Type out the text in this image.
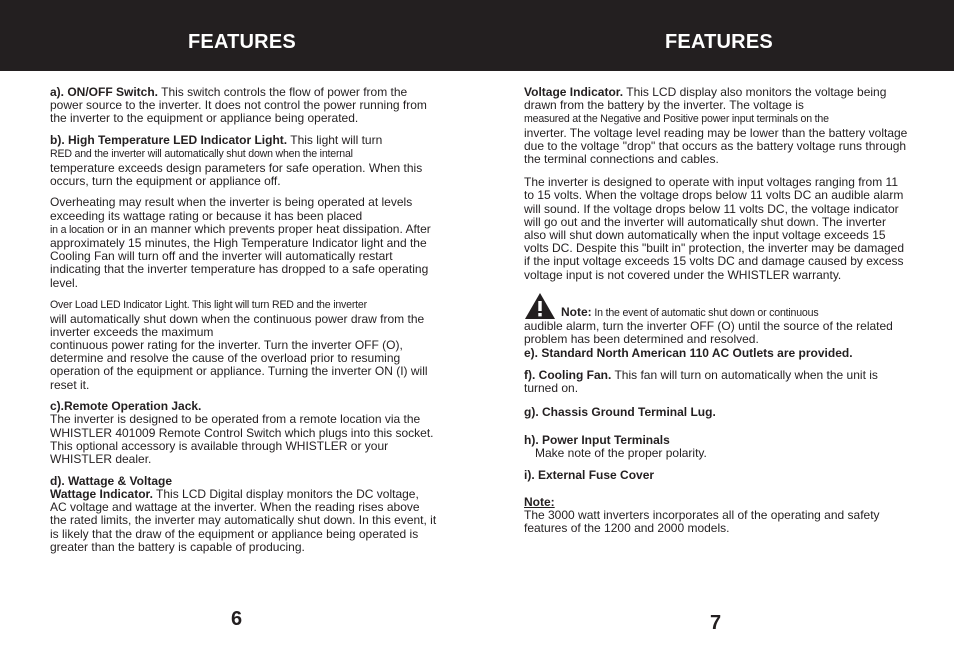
FEATURES	FEATURES

a). ON/OFF Switch. This switch controls the flow of power from the power source to the inverter. It does not control the power running from the inverter to the equipment or appliance being operated.

b). High Temperature LED Indicator Light. This light will turn
RED and the inverter will automatically shut down when the internal
temperature exceeds design parameters for safe operation. When this occurs, turn the equipment or appliance off.

Overheating may result when the inverter is being operated at levels exceeding its wattage rating or because it has been placed
in a location or in an manner which prevents proper heat dissipation. After approximately 15 minutes, the High Temperature Indicator light and the Cooling Fan will turn off and the inverter will automatically restart indicating that the inverter temperature has dropped to a safe operating level.

Over Load LED Indicator Light. This light will turn RED and the inverter
will automatically shut down when the continuous power draw from the inverter exceeds the maximum
continuous power rating for the inverter. Turn the inverter OFF (O), determine and resolve the cause of the overload prior to resuming operation of the equipment or appliance. Turning the inverter ON (I) will reset it.

c).Remote Operation Jack.
The inverter is designed to be operated from a remote location via the WHISTLER 401009 Remote Control Switch which plugs into this socket. This optional accessory is available through WHISTLER or your WHISTLER dealer.

d). Wattage & Voltage
Wattage Indicator. This LCD Digital display monitors the DC voltage, AC voltage and wattage at the inverter. When the reading rises above the rated limits, the inverter may automatically shut down. In this event, it is likely that the draw of the equipment or appliance being operated is greater than the battery is capable of producing.

6

Voltage Indicator. This LCD display also monitors the voltage being drawn from the battery by the inverter. The voltage is
measured at the Negative and Positive power input terminals on the
inverter. The voltage level reading may be lower than the battery voltage due to the voltage "drop" that occurs as the battery voltage runs through the terminal connections and cables.

The inverter is designed to operate with input voltages ranging from 11 to 15 volts. When the voltage drops below 11 volts DC an audible alarm will sound. If the voltage drops below 11 volts DC, the voltage indicator will go out and the inverter will automatically shut down. The inverter also will shut down automatically when the input voltage exceeds 15 volts DC. Despite this "built in" protection, the inverter may be damaged if the input voltage exceeds 15 volts DC and damage caused by excess voltage input is not covered under the WHISTLER warranty.

Note: In the event of automatic shut down or continuous
audible alarm, turn the inverter OFF (O) until the source of the related problem has been determined and resolved.

e). Standard North American 110 AC Outlets are provided.

f). Cooling Fan. This fan will turn on automatically when the unit is turned on.

g). Chassis Ground Terminal Lug.

h). Power Input Terminals
Make note of the proper polarity.

i). External Fuse Cover

Note:
The 3000 watt inverters incorporates all of the operating and safety features of the 1200 and 2000 models.

7
